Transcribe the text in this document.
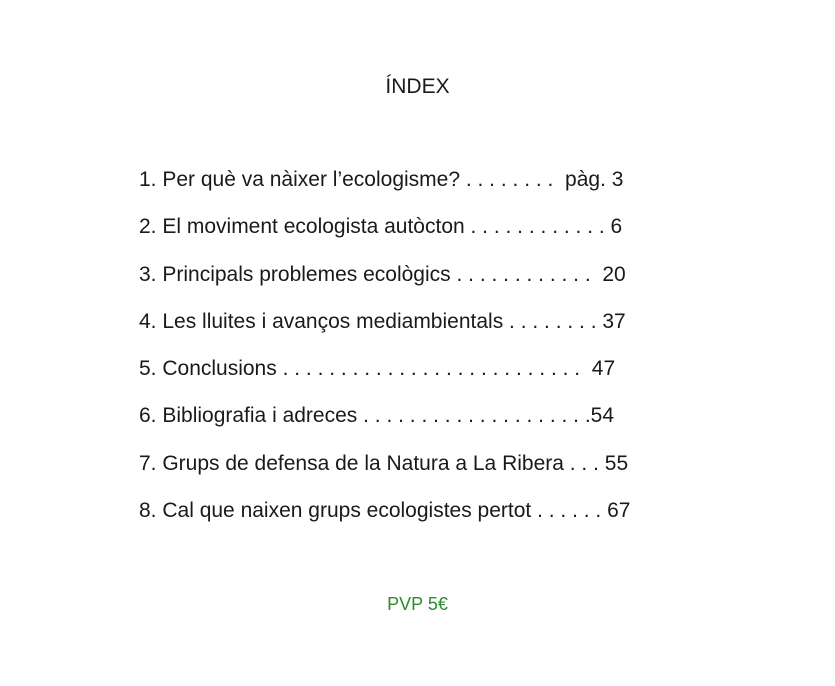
ÍNDEX
1. Per què va nàixer l’ecologisme? . . . . . . . .  pàg. 3
2. El moviment ecologista autòcton . . . . . . . . . . . . 6
3. Principals problemes ecològics . . . . . . . . . . . .  20
4. Les lluites i avanços mediambientals . . . . . . . . 37
5. Conclusions . . . . . . . . . . . . . . . . . . . . . . . . . .  47
6. Bibliografia i adreces . . . . . . . . . . . . . . . . . . . .54
7. Grups de defensa de la Natura a La Ribera . . . 55
8. Cal que naixen grups ecologistes pertot . . . . . . 67
PVP 5€
